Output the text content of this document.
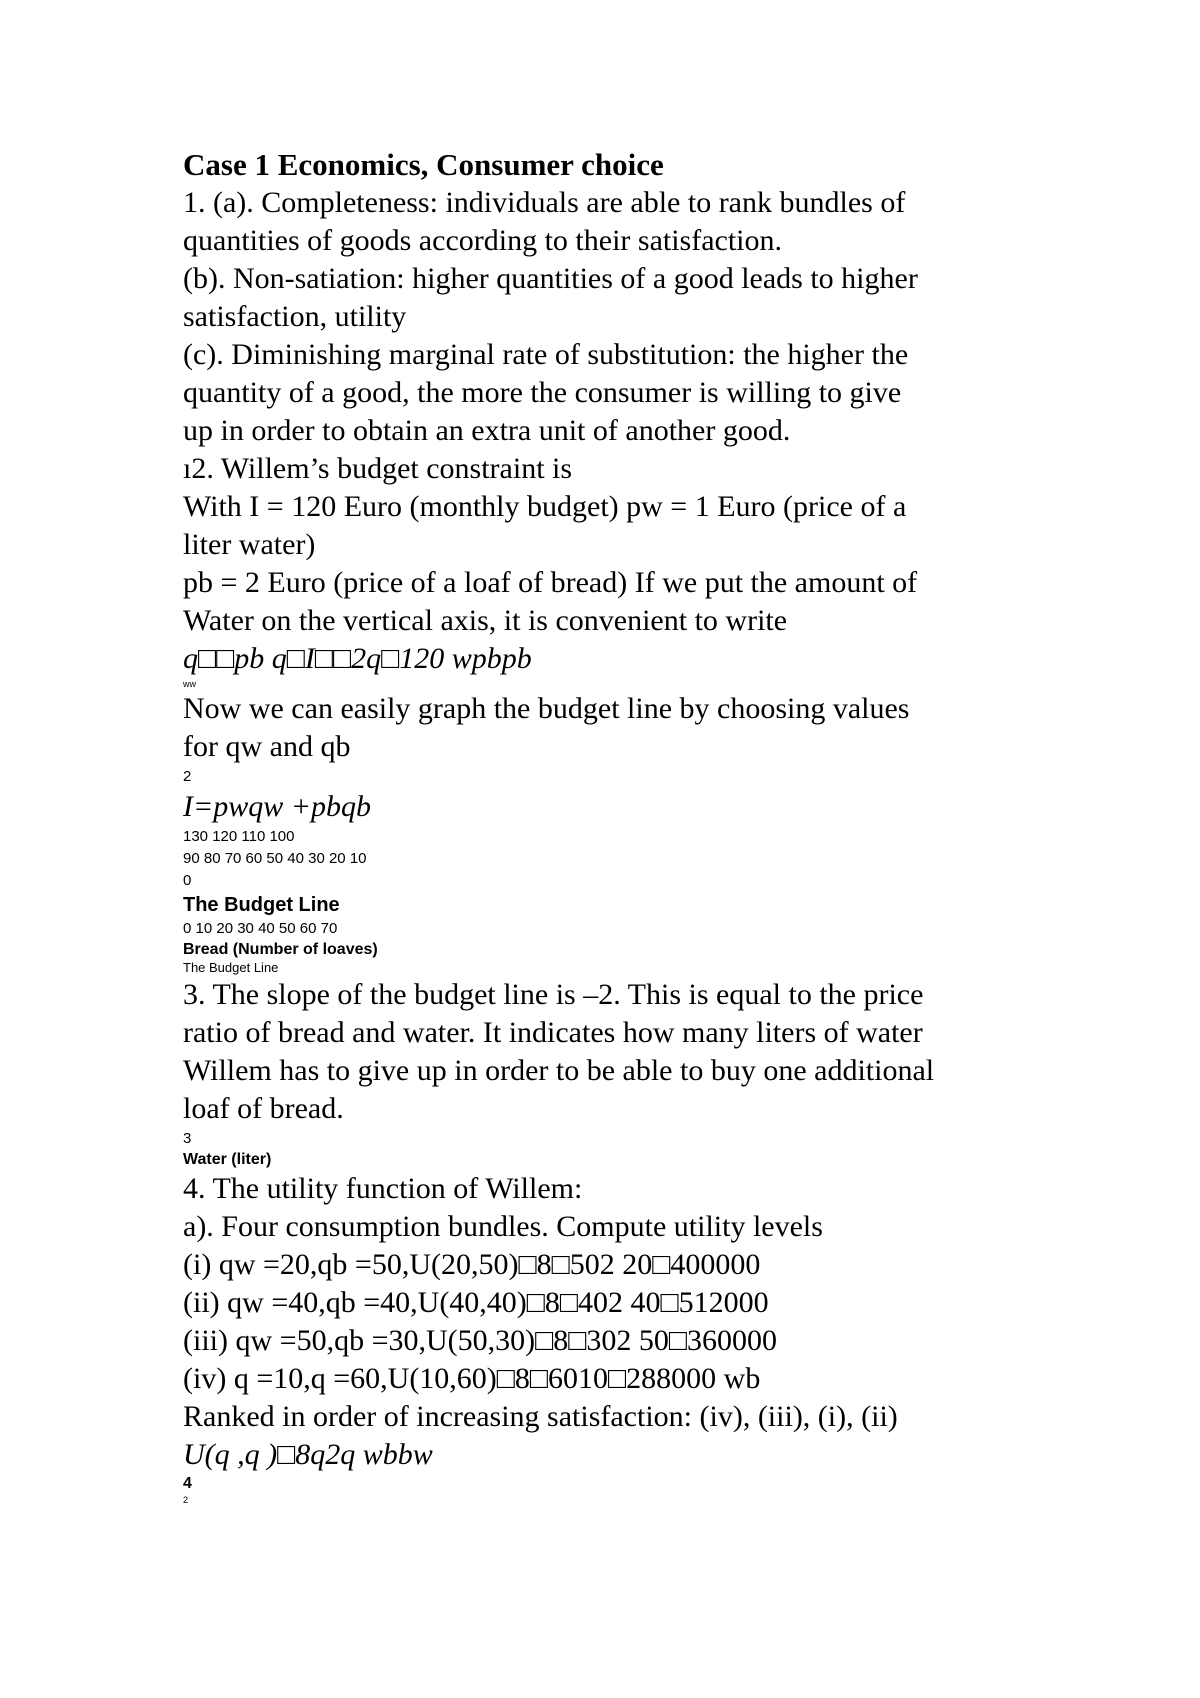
Case 1 Economics, Consumer choice
1. (a). Completeness: individuals are able to rank bundles of
quantities of goods according to their satisfaction.
(b). Non-satiation: higher quantities of a good leads to higher
satisfaction, utility
(c). Diminishing marginal rate of substitution: the higher the
quantity of a good, the more the consumer is willing to give
up in order to obtain an extra unit of another good.
ı2. Willem’s budget constraint is
With I = 120 Euro (monthly budget) pw = 1 Euro (price of a
liter water)
pb = 2 Euro (price of a loaf of bread) If we put the amount of
Water on the vertical axis, it is convenient to write
q□□pb q□I□□2q□120 wpbpb
ww
Now we can easily graph the budget line by choosing values
for qw and qb
2
I=pwqw +pbqb
130 120 110 100
90 80 70 60 50 40 30 20 10
0
The Budget Line
0 10 20 30 40 50 60 70
Bread (Number of loaves)
The Budget Line
3. The slope of the budget line is –2. This is equal to the price
ratio of bread and water. It indicates how many liters of water
Willem has to give up in order to be able to buy one additional
loaf of bread.
3
Water (liter)
4. The utility function of Willem:
a). Four consumption bundles. Compute utility levels
(i) qw =20,qb =50,U(20,50)□8□502 20□400000
(ii) qw =40,qb =40,U(40,40)□8□402 40□512000
(iii) qw =50,qb =30,U(50,30)□8□302 50□360000
(iv) q =10,q =60,U(10,60)□8□6010□288000 wb
Ranked in order of increasing satisfaction: (iv), (iii), (i), (ii)
U(q ,q )□8q2q wbbw
4
2
